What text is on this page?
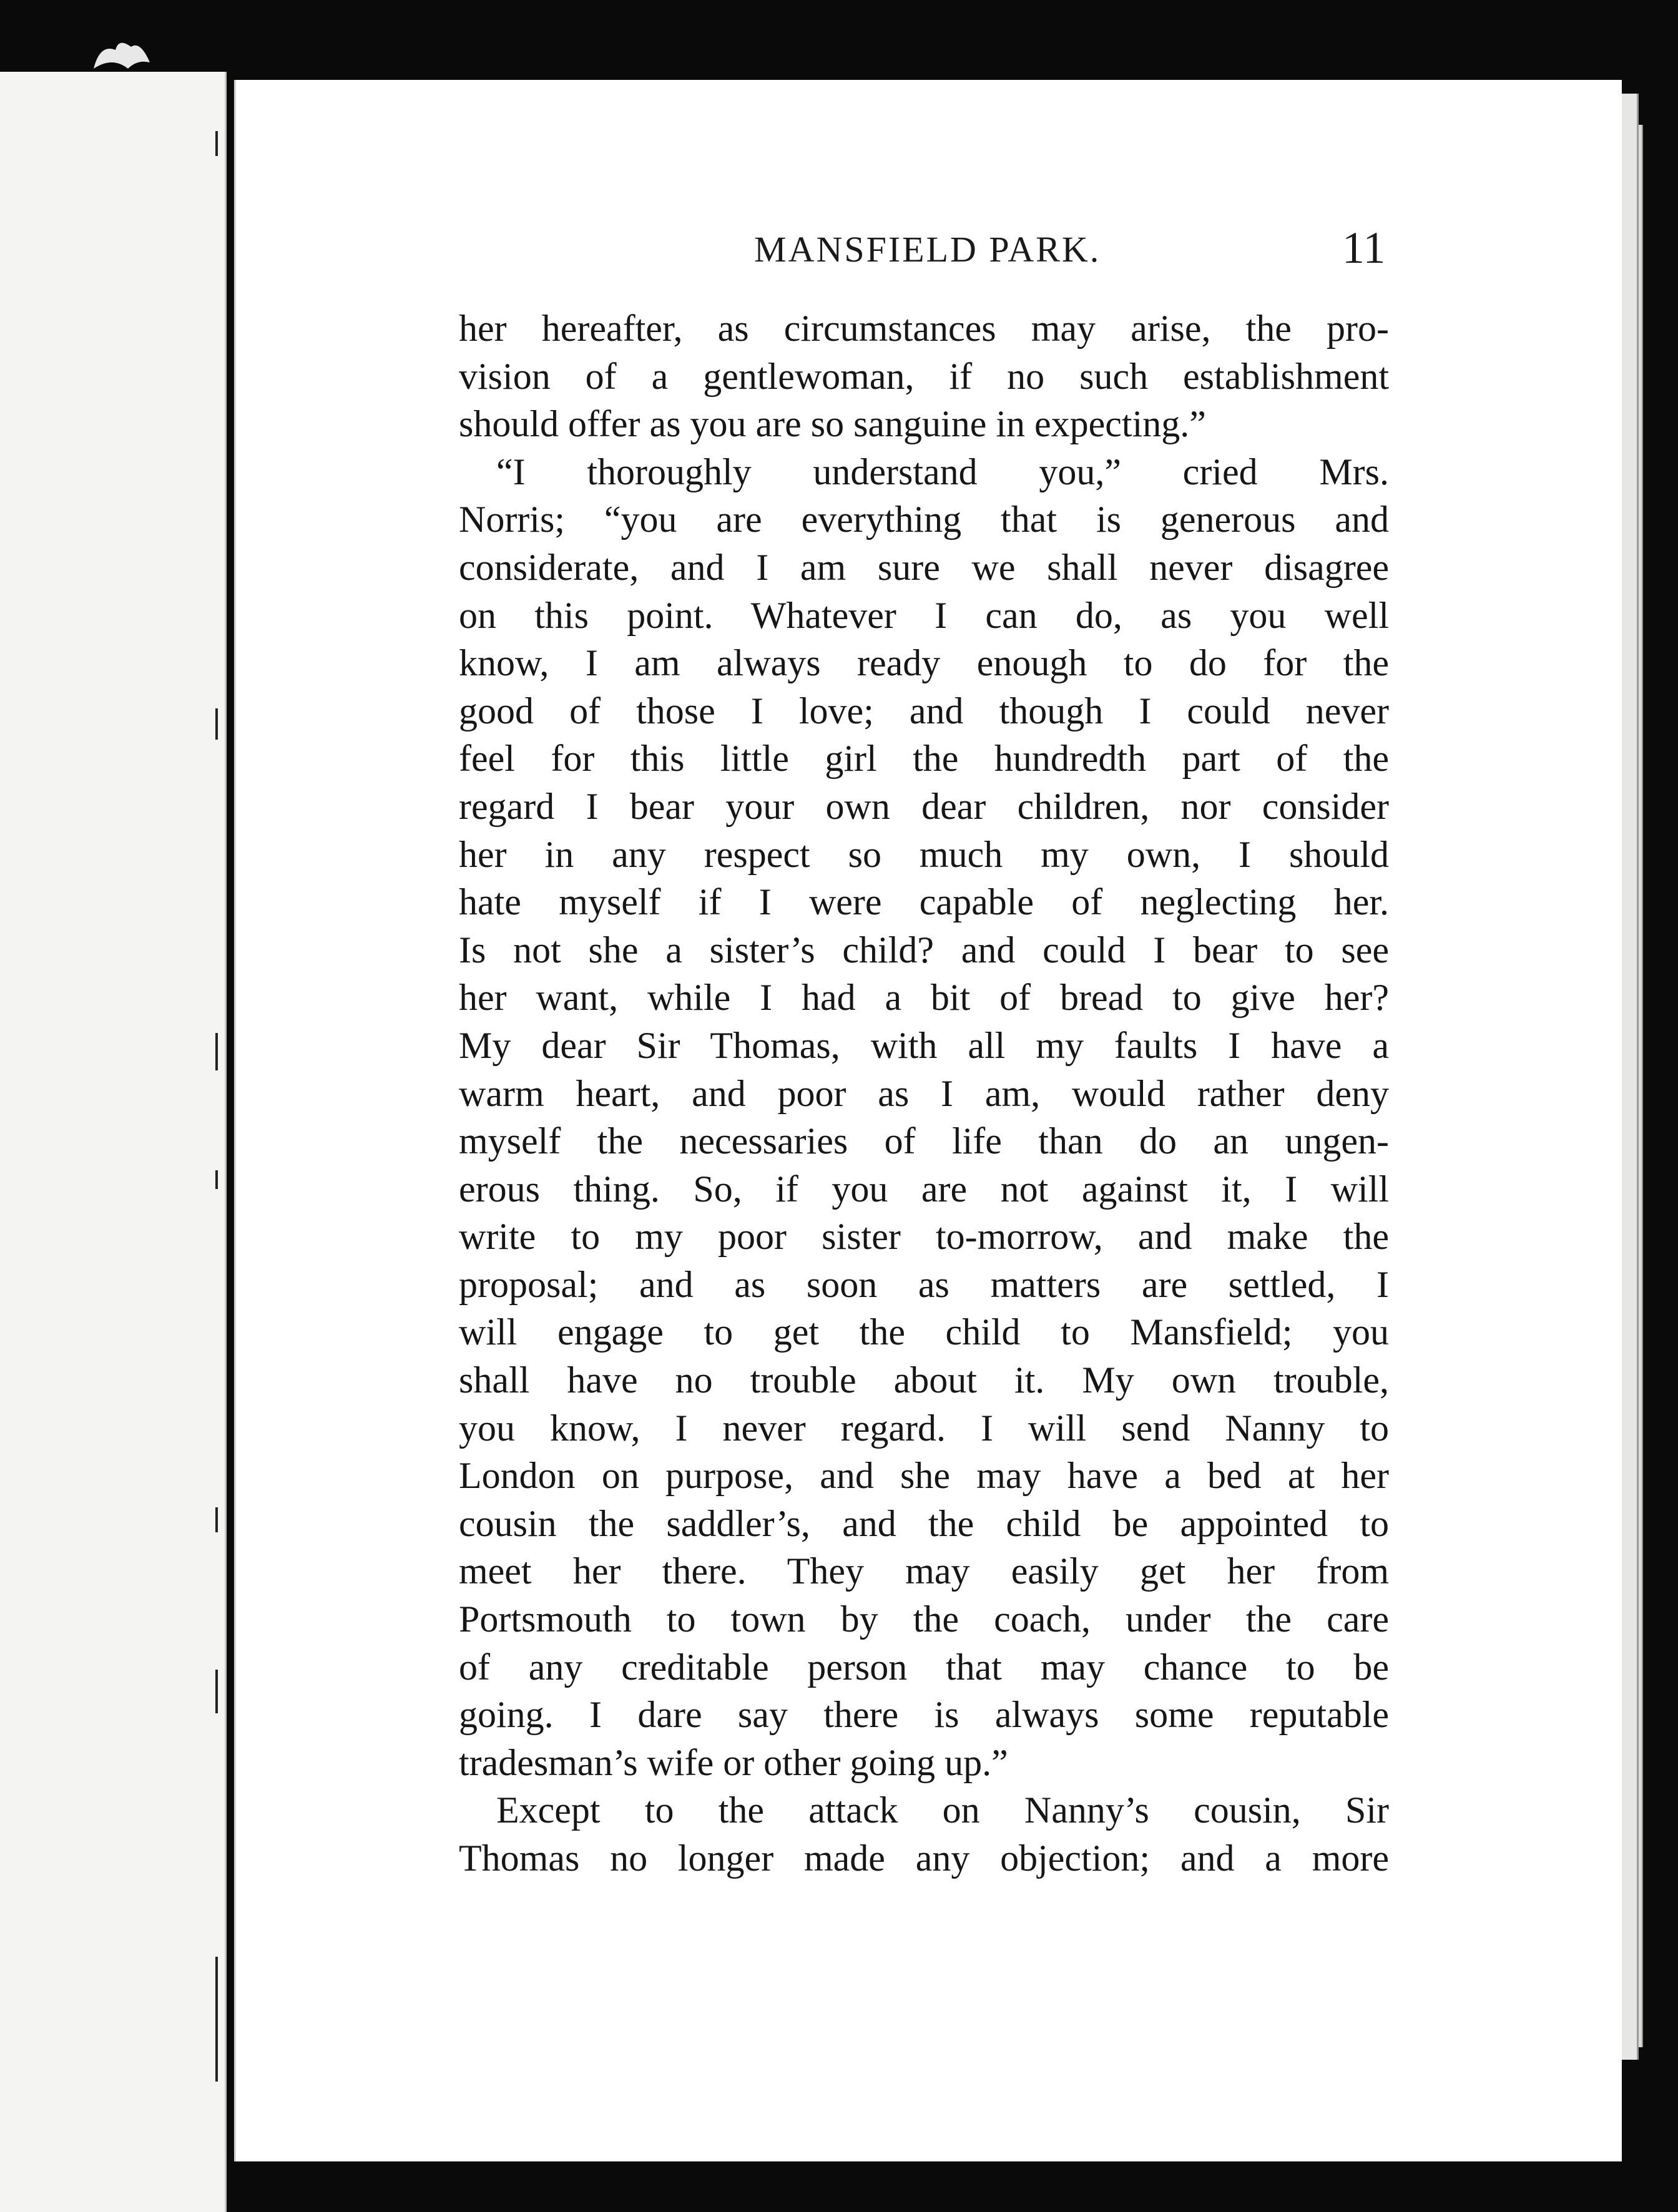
MANSFIELD PARK.	11
her hereafter, as circumstances may arise, the pro-
vision of a gentlewoman, if no such establishment
should offer as you are so sanguine in expecting.”
“I thoroughly understand you,” cried Mrs.
Norris; “you are everything that is generous and
considerate, and I am sure we shall never disagree
on this point. Whatever I can do, as you well
know, I am always ready enough to do for the
good of those I love; and though I could never
feel for this little girl the hundredth part of the
regard I bear your own dear children, nor consider
her in any respect so much my own, I should
hate myself if I were capable of neglecting her.
Is not she a sister’s child? and could I bear to see
her want, while I had a bit of bread to give her?
My dear Sir Thomas, with all my faults I have a
warm heart, and poor as I am, would rather deny
myself the necessaries of life than do an ungen-
erous thing. So, if you are not against it, I will
write to my poor sister to-morrow, and make the
proposal; and as soon as matters are settled, I
will engage to get the child to Mansfield; you
shall have no trouble about it. My own trouble,
you know, I never regard. I will send Nanny to
London on purpose, and she may have a bed at her
cousin the saddler’s, and the child be appointed to
meet her there. They may easily get her from
Portsmouth to town by the coach, under the care
of any creditable person that may chance to be
going. I dare say there is always some reputable
tradesman’s wife or other going up.”
Except to the attack on Nanny’s cousin, Sir
Thomas no longer made any objection; and a more
